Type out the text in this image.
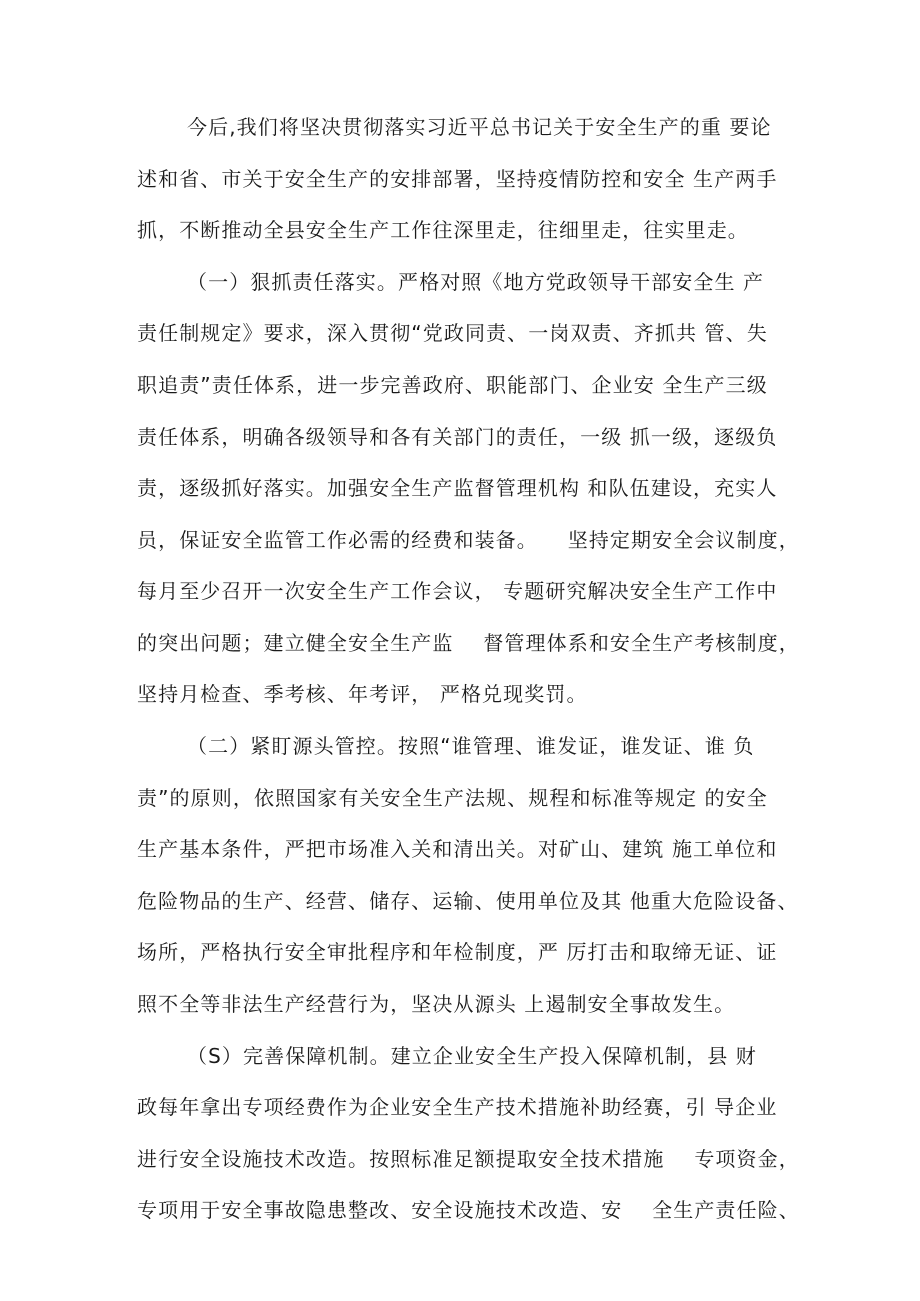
今后,我们将坚决贯彻落实习近平总书记关于安全生产的重 要论
述和省、市关于安全生产的安排部署，坚持疫情防控和安全 生产两手
抓，不断推动全县安全生产工作往深里走，往细里走，往实里走。
（一）狠抓责任落实。严格对照《地方党政领导干部安全生 产
责任制规定》要求，深入贯彻“党政同责、一岗双责、齐抓共 管、失
职追责”责任体系，进一步完善政府、职能部门、企业安 全生产三级
责任体系，明确各级领导和各有关部门的责任，一级 抓一级，逐级负
责，逐级抓好落实。加强安全生产监督管理机构 和队伍建设，充实人
员，保证安全监管工作必需的经费和装备。    坚持定期安全会议制度，
每月至少召开一次安全生产工作会议， 专题研究解决安全生产工作中
的突出问题；建立健全安全生产监    督管理体系和安全生产考核制度，
坚持月检查、季考核、年考评， 严格兑现奖罚。
（二）紧盯源头管控。按照“谁管理、谁发证，谁发证、谁 负
责”的原则，依照国家有关安全生产法规、规程和标准等规定 的安全
生产基本条件，严把市场准入关和清出关。对矿山、建筑 施工单位和
危险物品的生产、经营、储存、运输、使用单位及其 他重大危险设备、
场所，严格执行安全审批程序和年检制度，严 厉打击和取缔无证、证
照不全等非法生产经营行为，坚决从源头 上遏制安全事故发生。
（S）完善保障机制。建立企业安全生产投入保障机制，县 财
政每年拿出专项经费作为企业安全生产技术措施补助经赛，引 导企业
进行安全设施技术改造。按照标准足额提取安全技术措施    专项资金，
专项用于安全事故隐患整改、安全设施技术改造、安    全生产责任险、
